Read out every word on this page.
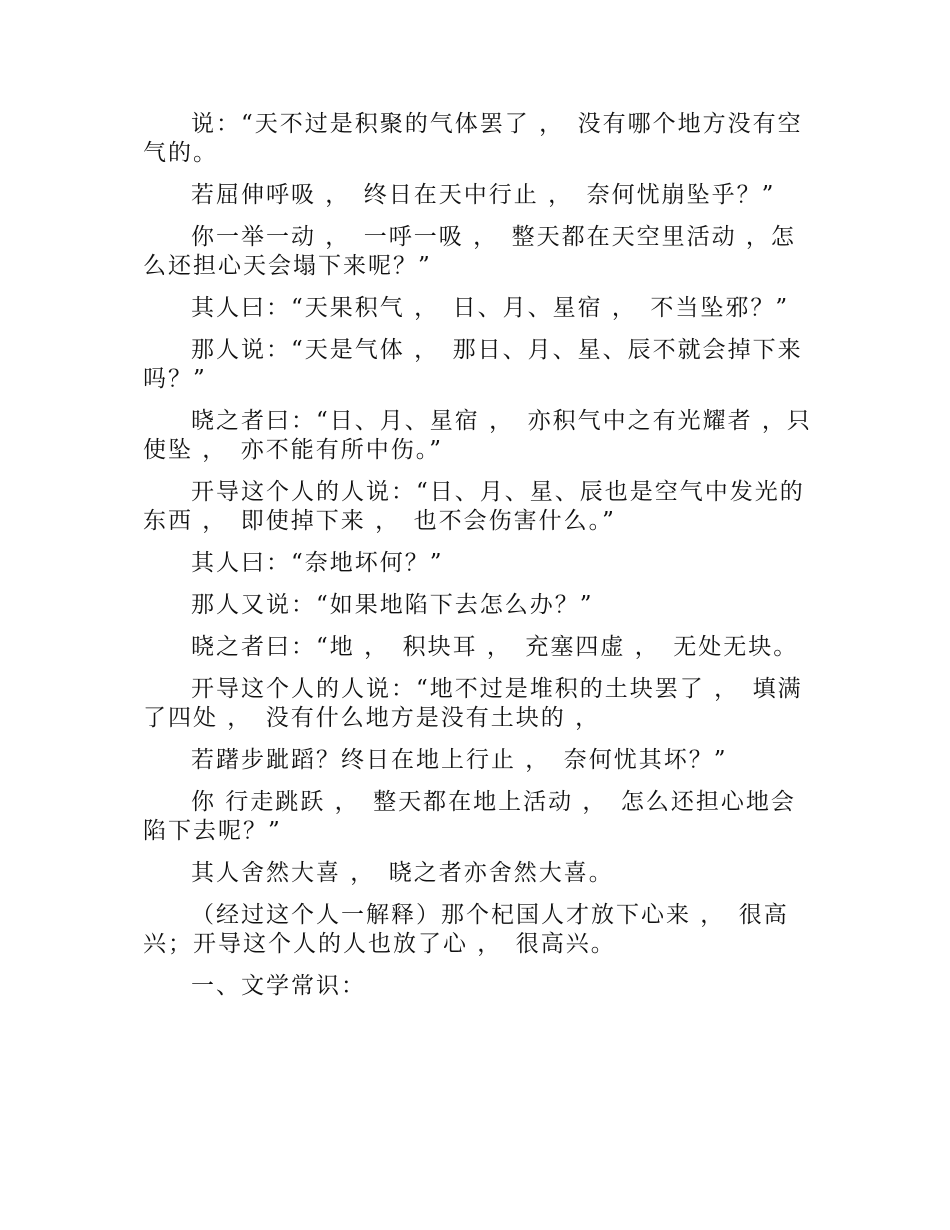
说：“天不过是积聚的气体罢了 ，　没有哪个地方没有空气的。

若屈伸呼吸 ，　终日在天中行止 ，　奈何忧崩坠乎？”

你一举一动 ，　一呼一吸 ，　整天都在天空里活动 ，怎么还担心天会塌下来呢？”

其人曰：“天果积气 ，　日、月、星宿 ，　不当坠邪？”

那人说：“天是气体 ，　那日、月、星、辰不就会掉下来吗？”

晓之者曰：“日、月、星宿 ，　亦积气中之有光耀者 ，只使坠 ，　亦不能有所中伤。”

开导这个人的人说：“日、月、星、辰也是空气中发光的东西 ，　即使掉下来 ，　也不会伤害什么。”

其人曰：“奈地坏何？”

那人又说：“如果地陷下去怎么办？”

晓之者曰：“地 ，　积块耳 ，　充塞四虚 ，　无处无块。

开导这个人的人说：“地不过是堆积的土块罢了 ，　填满了四处 ，　没有什么地方是没有土块的 ，

若躇步跐蹈？终日在地上行止 ，　奈何忧其坏？”

你 行走跳跃 ，　整天都在地上活动 ，　怎么还担心地会陷下去呢？”

其人舍然大喜 ，　晓之者亦舍然大喜。

（经过这个人一解释）那个杞国人才放下心来 ，　很高兴；开导这个人的人也放了心 ，　很高兴。

一、文学常识：
